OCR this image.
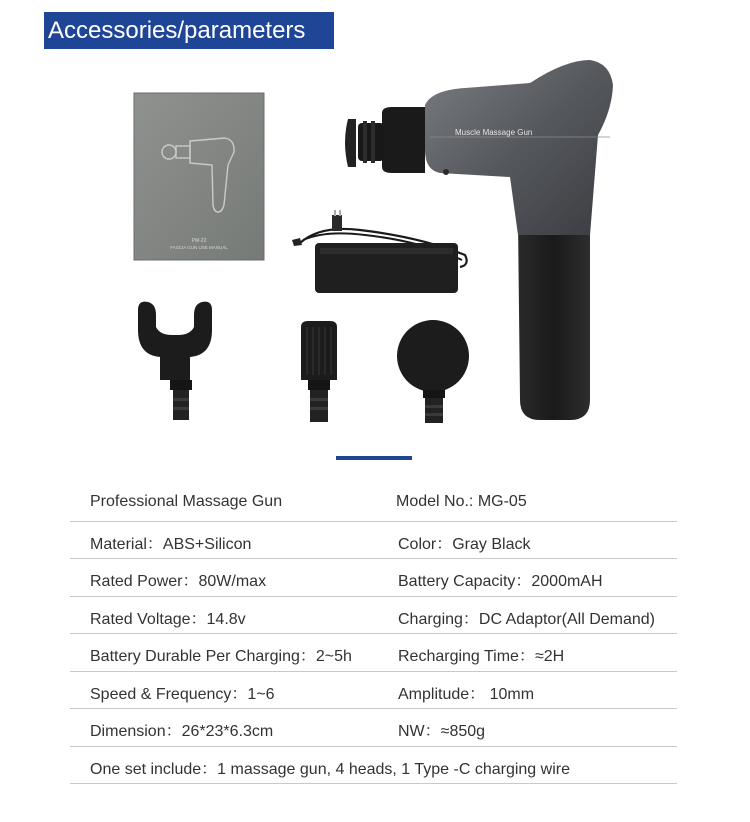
Accessories/parameters
PM-22
FASCIA GUN USE MANUAL
Muscle Massage Gun
Professional Massage Gun	Model No.: MG-05
Material：ABS+Silicon	Color：Gray Black
Rated Power：80W/max	Battery Capacity：2000mAH
Rated Voltage：14.8v	Charging：DC Adaptor(All Demand)
Battery Durable Per Charging：2~5h	Recharging Time：≈2H
Speed & Frequency：1~6	Amplitude： 10mm
Dimension：26*23*6.3cm	NW：≈850g
One set include：1 massage gun, 4 heads, 1 Type -C charging wire
